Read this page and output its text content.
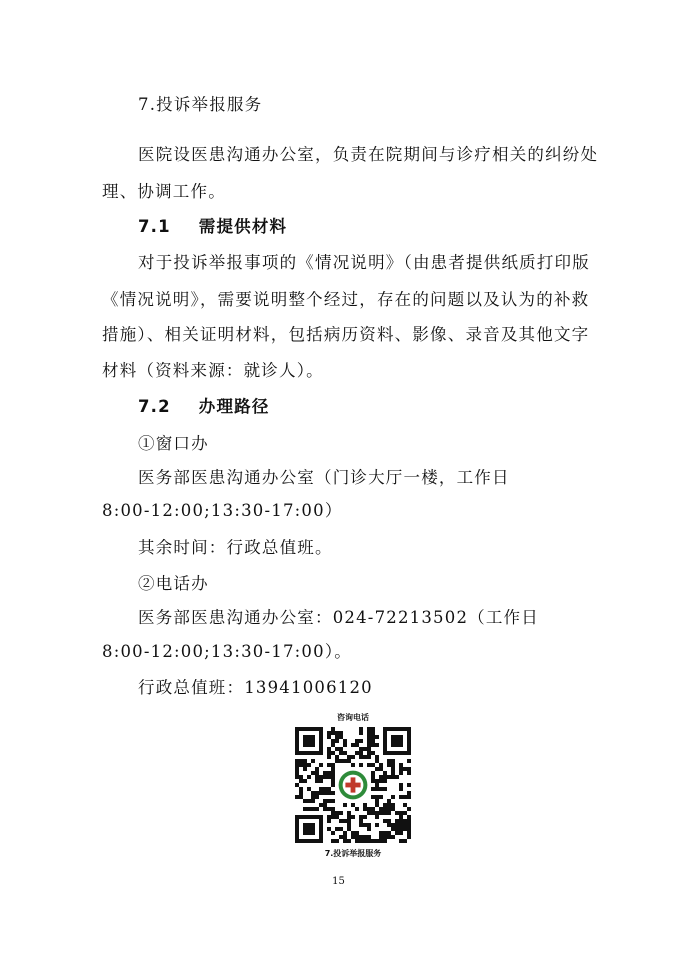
7.投诉举报服务
医院设医患沟通办公室，负责在院期间与诊疗相关的纠纷处
理、协调工作。
7.1 需提供材料
对于投诉举报事项的《情况说明》（由患者提供纸质打印版
《情况说明》，需要说明整个经过，存在的问题以及认为的补救
措施）、相关证明材料，包括病历资料、影像、录音及其他文字
材料（资料来源：就诊人）。
7.2 办理路径
①窗口办
医务部医患沟通办公室（门诊大厅一楼，工作日
8:00-12:00;13:30-17:00）
其余时间：行政总值班。
②电话办
医务部医患沟通办公室：024-72213502（工作日
8:00-12:00;13:30-17:00）。
行政总值班：13941006120
咨询电话
7.投诉举报服务
15
